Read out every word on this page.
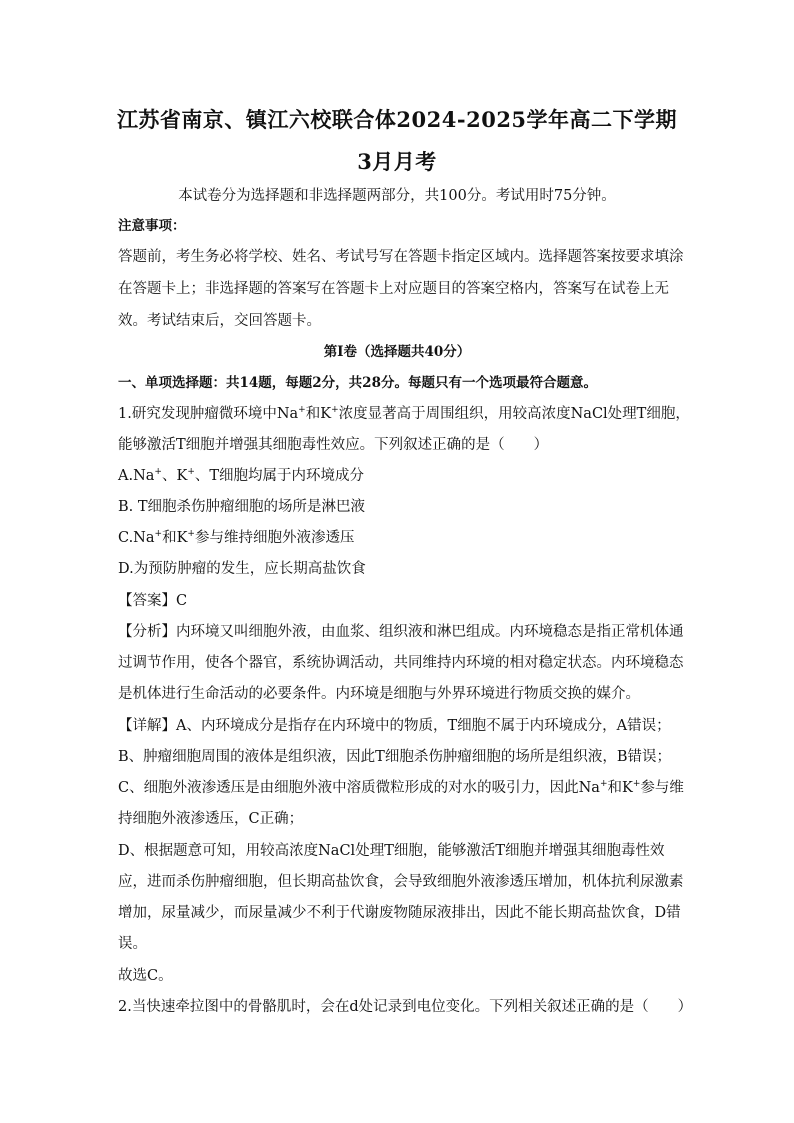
江苏省南京、镇江六校联合体2024-2025学年高二下学期
3月月考
本试卷分为选择题和非选择题两部分，共100分。考试用时75分钟。
注意事项：
答题前，考生务必将学校、姓名、考试号写在答题卡指定区域内。选择题答案按要求填涂
在答题卡上；非选择题的答案写在答题卡上对应题目的答案空格内，答案写在试卷上无
效。考试结束后，交回答题卡。
第Ⅰ卷（选择题共40分）
一、单项选择题：共14题，每题2分，共28分。每题只有一个选项最符合题意。
1.研究发现肿瘤微环境中Na+和K+浓度显著高于周围组织，用较高浓度NaCl处理T细胞，
能够激活T细胞并增强其细胞毒性效应。下列叙述正确的是（　　）
A.Na+、K+、T细胞均属于内环境成分
B. T细胞杀伤肿瘤细胞的场所是淋巴液
C.Na+和K+参与维持细胞外液渗透压
D.为预防肿瘤的发生，应长期高盐饮食
【答案】C
【分析】内环境又叫细胞外液，由血浆、组织液和淋巴组成。内环境稳态是指正常机体通
过调节作用，使各个器官，系统协调活动，共同维持内环境的相对稳定状态。内环境稳态
是机体进行生命活动的必要条件。内环境是细胞与外界环境进行物质交换的媒介。
【详解】A、内环境成分是指存在内环境中的物质，T细胞不属于内环境成分，A错误；
B、肿瘤细胞周围的液体是组织液，因此T细胞杀伤肿瘤细胞的场所是组织液，B错误；
C、细胞外液渗透压是由细胞外液中溶质微粒形成的对水的吸引力，因此Na+和K+参与维
持细胞外液渗透压，C正确；
D、根据题意可知，用较高浓度NaCl处理T细胞，能够激活T细胞并增强其细胞毒性效
应，进而杀伤肿瘤细胞，但长期高盐饮食，会导致细胞外液渗透压增加，机体抗利尿激素
增加，尿量减少，而尿量减少不利于代谢废物随尿液排出，因此不能长期高盐饮食，D错
误。
故选C。
2.当快速牵拉图中的骨骼肌时，会在d处记录到电位变化。下列相关叙述正确的是（　　）
